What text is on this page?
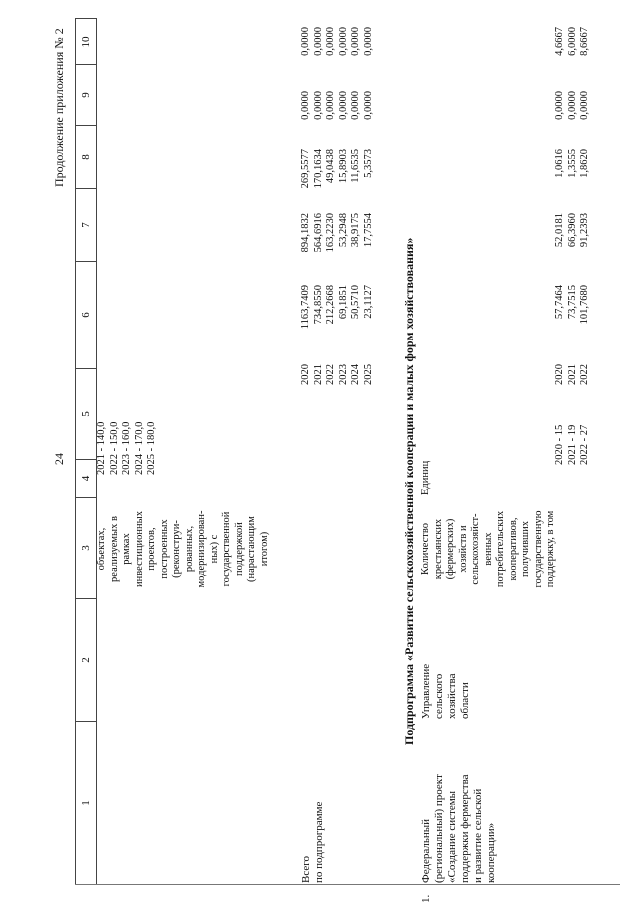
24
Продолжение приложения № 2
1
2
3
4
5
6
7
8
9
10
объектах, реализуемых в рамках инвестиционных проектов, построенных (реконструи- рованных, модернизирован- ных) с государственной поддержкой (нарастающим итогом)
2021 - 140,0 2022 - 150,0 2023 - 160,0 2024 - 170,0 2025 - 180,0
Всего по подпрограмме
2020 2021 2022 2023 2024 2025
1163,7409 734,8550 212,2668 69,1851 50,5710 23,1127
894,1832 564,6916 163,2230 53,2948 38,9175 17,7554
269,5577 170,1634 49,0438 15,8903 11,6535 5,3573
0,0000 0,0000 0,0000 0,0000 0,0000 0,0000
0,0000 0,0000 0,0000 0,0000 0,0000 0,0000
Подпрограмма «Развитие сельскохозяйственной кооперации и малых форм хозяйствования»
1.
Федеральный (региональный) проект «Создание системы поддержки фермерства и развитие сельской кооперации»
Управление сельского хозяйства области
Количество крестьянских (фермерских) хозяйств и сельскохозяйст- венных потребительских кооперативов, получивших государственную поддержку, в том
Единиц
2020 - 15 2021 - 19 2022 - 27
2020 2021 2022
57,7464 73,7515 101,7680
52,0181 66,3960 91,2393
1,0616 1,3555 1,8620
0,0000 0,0000 0,0000
4,6667 6,0000 8,6667
